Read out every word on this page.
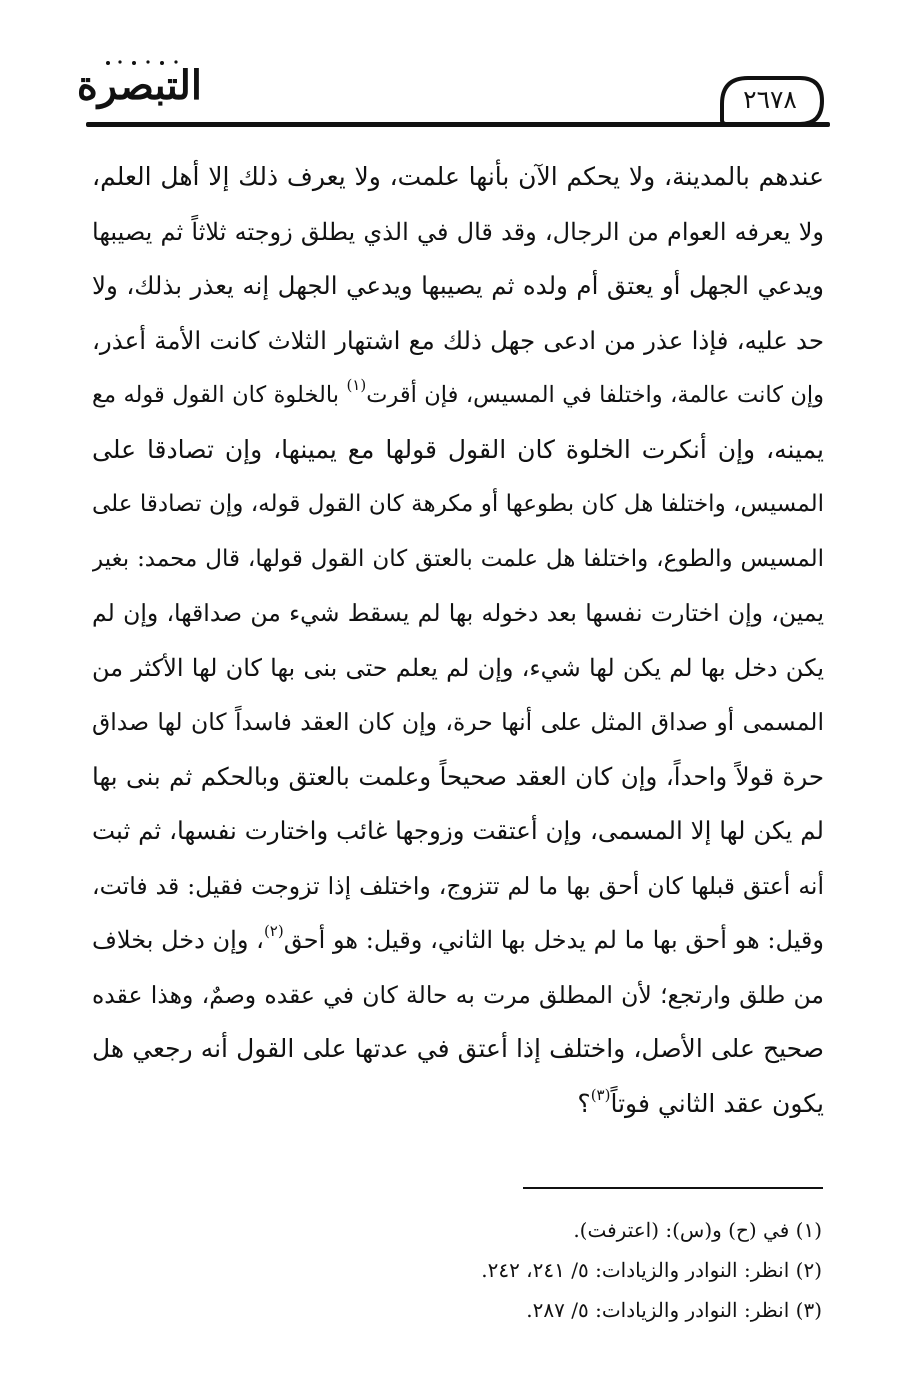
التبصرة	٢٦٧٨
عندهم بالمدينة، ولا يحكم الآن بأنها علمت، ولا يعرف ذلك إلا أهل العلم،
ولا يعرفه العوام من الرجال، وقد قال في الذي يطلق زوجته ثلاثاً ثم يصيبها
ويدعي الجهل أو يعتق أم ولده ثم يصيبها ويدعي الجهل إنه يعذر بذلك، ولا
حد عليه، فإذا عذر من ادعى جهل ذلك مع اشتهار الثلاث كانت الأمة أعذر،
وإن كانت عالمة، واختلفا في المسيس، فإن أقرت$^{(١)}$ بالخلوة كان القول قوله مع
يمينه، وإن أنكرت الخلوة كان القول قولها مع يمينها، وإن تصادقا على
المسيس، واختلفا هل كان بطوعها أو مكرهة كان القول قوله، وإن تصادقا على
المسيس والطوع، واختلفا هل علمت بالعتق كان القول قولها، قال محمد: بغير
يمين، وإن اختارت نفسها بعد دخوله بها لم يسقط شيء من صداقها، وإن لم
يكن دخل بها لم يكن لها شيء، وإن لم يعلم حتى بنى بها كان لها الأكثر من
المسمى أو صداق المثل على أنها حرة، وإن كان العقد فاسداً كان لها صداق
حرة قولاً واحداً، وإن كان العقد صحيحاً وعلمت بالعتق وبالحكم ثم بنى بها
لم يكن لها إلا المسمى، وإن أعتقت وزوجها غائب واختارت نفسها، ثم ثبت
أنه أعتق قبلها كان أحق بها ما لم تتزوج، واختلف إذا تزوجت فقيل: قد فاتت،
وقيل: هو أحق بها ما لم يدخل بها الثاني، وقيل: هو أحق$^{(٢)}$، وإن دخل بخلاف
من طلق وارتجع؛ لأن المطلق مرت به حالة كان في عقده وصمٌ، وهذا عقده
صحيح على الأصل، واختلف إذا أعتق في عدتها على القول أنه رجعي هل
يكون عقد الثاني فوتاً$^{(٣)}$؟
(١) في (ح) و(س): (اعترفت).
(٢) انظر: النوادر والزيادات: ٥/ ٢٤١، ٢٤٢.
(٣) انظر: النوادر والزيادات: ٥/ ٢٨٧.
